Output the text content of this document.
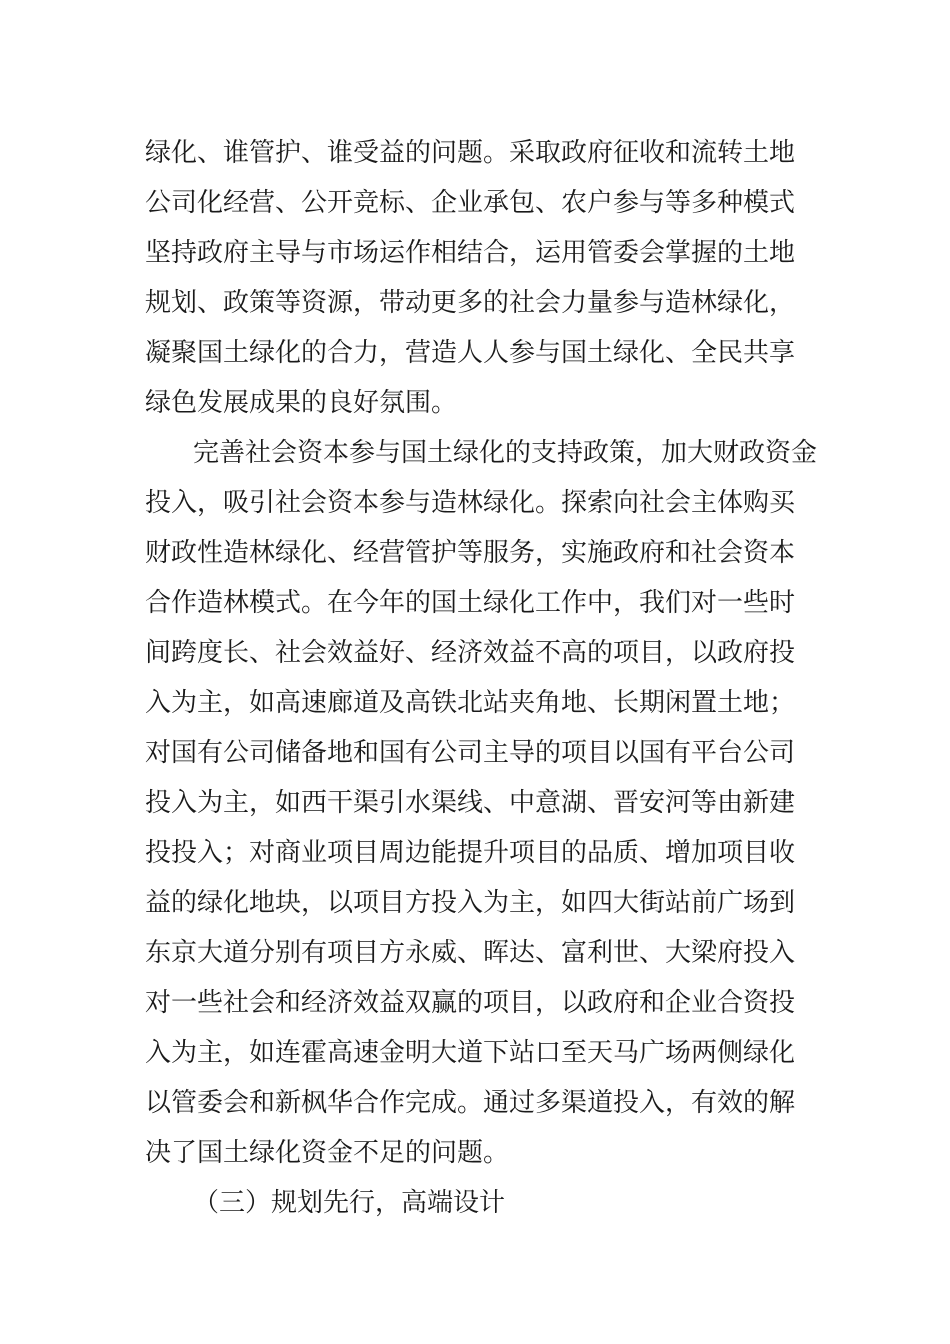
绿化、谁管护、谁受益的问题。采取政府征收和流转土地
公司化经营、公开竞标、企业承包、农户参与等多种模式
坚持政府主导与市场运作相结合，运用管委会掌握的土地
规划、政策等资源，带动更多的社会力量参与造林绿化，
凝聚国土绿化的合力，营造人人参与国土绿化、全民共享
绿色发展成果的良好氛围。
完善社会资本参与国土绿化的支持政策，加大财政资金
投入，吸引社会资本参与造林绿化。探索向社会主体购买
财政性造林绿化、经营管护等服务，实施政府和社会资本
合作造林模式。在今年的国土绿化工作中，我们对一些时
间跨度长、社会效益好、经济效益不高的项目，以政府投
入为主，如高速廊道及高铁北站夹角地、长期闲置土地；
对国有公司储备地和国有公司主导的项目以国有平台公司
投入为主，如西干渠引水渠线、中意湖、晋安河等由新建
投投入；对商业项目周边能提升项目的品质、增加项目收
益的绿化地块，以项目方投入为主，如四大街站前广场到
东京大道分别有项目方永威、晖达、富利世、大梁府投入
对一些社会和经济效益双赢的项目，以政府和企业合资投
入为主，如连霍高速金明大道下站口至天马广场两侧绿化
以管委会和新枫华合作完成。通过多渠道投入，有效的解
决了国土绿化资金不足的问题。
（三）规划先行，高端设计
